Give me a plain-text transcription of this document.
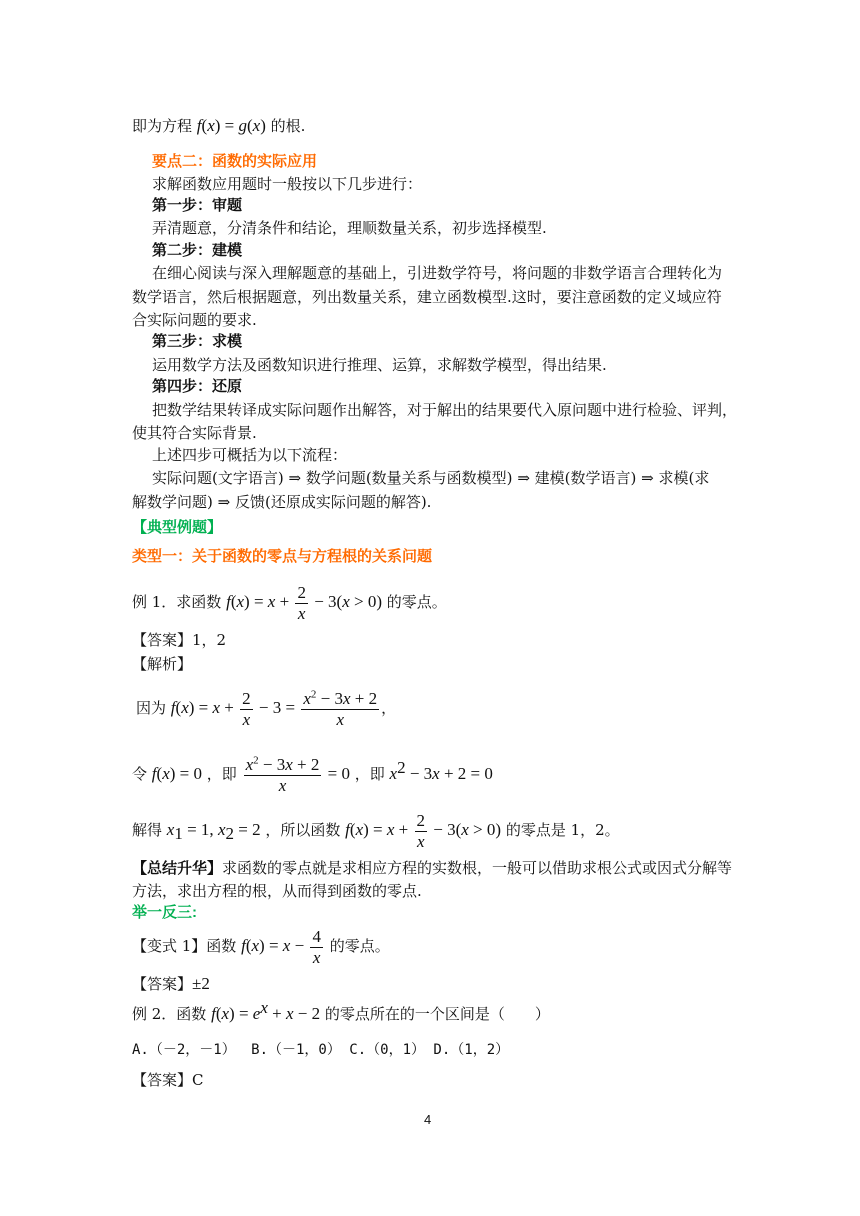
即为方程 f(x) = g(x) 的根.
要点二：函数的实际应用
求解函数应用题时一般按以下几步进行：
第一步：审题
弄清题意，分清条件和结论，理顺数量关系，初步选择模型.
第二步：建模
在细心阅读与深入理解题意的基础上，引进数学符号，将问题的非数学语言合理转化为
数学语言，然后根据题意，列出数量关系，建立函数模型.这时，要注意函数的定义域应符
合实际问题的要求.
第三步：求模
运用数学方法及函数知识进行推理、运算，求解数学模型，得出结果.
第四步：还原
把数学结果转译成实际问题作出解答，对于解出的结果要代入原问题中进行检验、评判，
使其符合实际背景.
上述四步可概括为以下流程：
实际问题(文字语言) ⇒ 数学问题(数量关系与函数模型) ⇒ 建模(数学语言) ⇒ 求模(求
解数学问题) ⇒ 反馈(还原成实际问题的解答).
【典型例题】
类型一：关于函数的零点与方程根的关系问题
例 1．求函数 $f(x) = x + \frac{2}{x} - 3(x > 0)$ 的零点。
【答案】1，2
【解析】
因为 $f(x) = x + \frac{2}{x} - 3 = \frac{x^2 - 3x + 2}{x}$ ，
令 f(x) = 0 ，即 $\frac{x^2 - 3x + 2}{x} = 0$ ，即 $x^2 - 3x + 2 = 0$
解得 $x_1 = 1$, $x_2 = 2$ ，所以函数 $f(x) = x + \frac{2}{x} - 3(x > 0)$ 的零点是 1，2。
【总结升华】求函数的零点就是求相应方程的实数根，一般可以借助求根公式或因式分解等
方法，求出方程的根，从而得到函数的零点.
举一反三:
【变式 1】函数 $f(x) = x - \frac{4}{x}$ 的零点。
【答案】±2
例 2．函数 $f(x) = e^x + x - 2$ 的零点所在的一个区间是（　　）
A.（－2，－1）　 B.（－1，0） C.（0，1） D.（1，2）
【答案】C
4
